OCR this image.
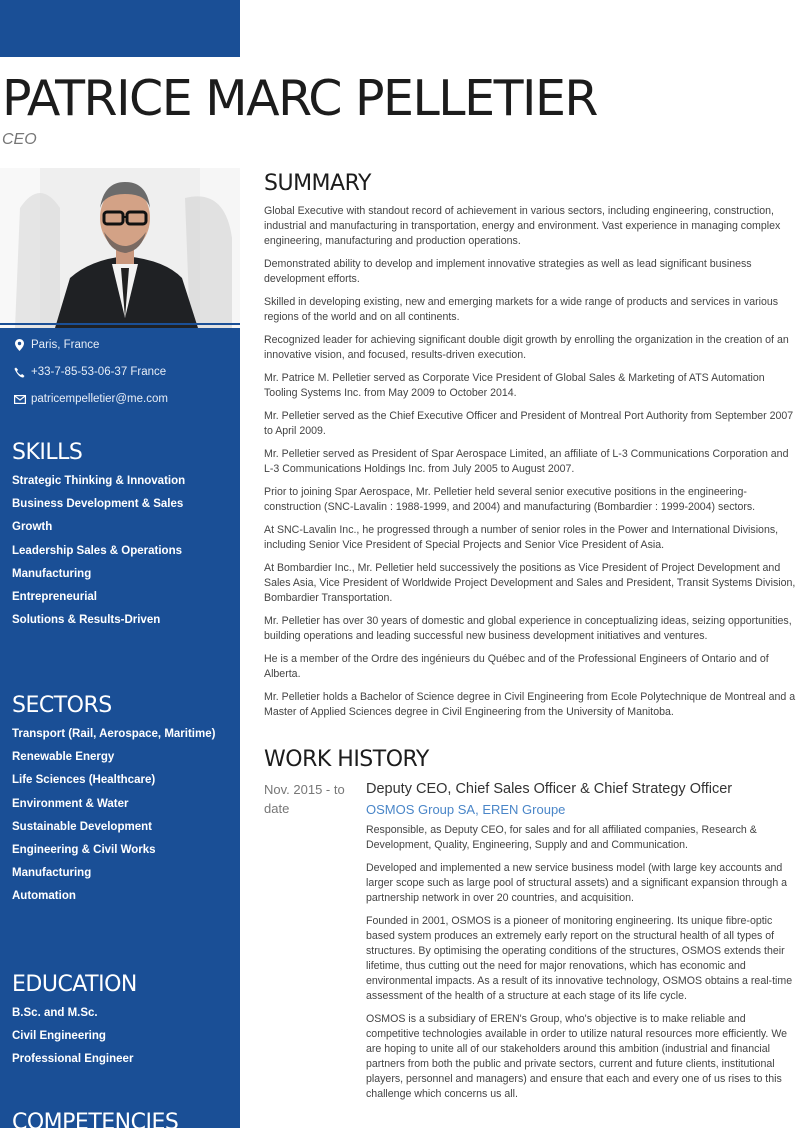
PATRICE MARC PELLETIER
CEO
Paris, France
+33-7-85-53-06-37 France
patricempelletier@me.com
SKILLS
Strategic Thinking & Innovation
Business Development & Sales
Growth
Leadership Sales & Operations
Manufacturing
Entrepreneurial
Solutions & Results-Driven
SECTORS
Transport (Rail, Aerospace, Maritime)
Renewable Energy
Life Sciences (Healthcare)
Environment & Water
Sustainable Development
Engineering & Civil Works
Manufacturing
Automation
EDUCATION
B.Sc. and M.Sc.
Civil Engineering
Professional Engineer
COMPETENCIES
SUMMARY

Global Executive with standout record of achievement in various sectors, including engineering, construction, industrial and manufacturing in transportation, energy and environment. Vast experience in managing complex engineering, manufacturing and production operations.

Demonstrated ability to develop and implement innovative strategies as well as lead significant business development efforts.

Skilled in developing existing, new and emerging markets for a wide range of products and services in various regions of the world and on all continents.

Recognized leader for achieving significant double digit growth by enrolling the organization in the creation of an innovative vision, and focused, results-driven execution.

Mr. Patrice M. Pelletier served as Corporate Vice President of Global Sales & Marketing of ATS Automation Tooling Systems Inc. from May 2009 to October 2014.

Mr. Pelletier served as the Chief Executive Officer and President of Montreal Port Authority from September 2007 to April 2009.

Mr. Pelletier served as President of Spar Aerospace Limited, an affiliate of L-3 Communications Corporation and L-3 Communications Holdings Inc. from July 2005 to August 2007.

Prior to joining Spar Aerospace, Mr. Pelletier held several senior executive positions in the engineering-construction (SNC-Lavalin : 1988-1999, and 2004) and manufacturing (Bombardier : 1999-2004) sectors.

At SNC-Lavalin Inc., he progressed through a number of senior roles in the Power and International Divisions, including Senior Vice President of Special Projects and Senior Vice President of Asia.

At Bombardier Inc., Mr. Pelletier held successively the positions as Vice President of Project Development and Sales Asia, Vice President of Worldwide Project Development and Sales and President, Transit Systems Division, Bombardier Transportation.

Mr. Pelletier has over 30 years of domestic and global experience in conceptualizing ideas, seizing opportunities, building operations and leading successful new business development initiatives and ventures.

He is a member of the Ordre des ingénieurs du Québec and of the Professional Engineers of Ontario and of Alberta.

Mr. Pelletier holds a Bachelor of Science degree in Civil Engineering from Ecole Polytechnique de Montreal and a Master of Applied Sciences degree in Civil Engineering from the University of Manitoba.

WORK HISTORY
Nov. 2015 - to date
Deputy CEO, Chief Sales Officer & Chief Strategy Officer
OSMOS Group SA, EREN Groupe

Responsible, as Deputy CEO, for sales and for all affiliated companies, Research & Development, Quality, Engineering, Supply and and Communication.

Developed and implemented a new service business model (with large key accounts and larger scope such as large pool of structural assets) and a significant expansion through a partnership network in over 20 countries, and acquisition.

Founded in 2001, OSMOS is a pioneer of monitoring engineering. Its unique fibre-optic based system produces an extremely early report on the structural health of all types of structures. By optimising the operating conditions of the structures, OSMOS extends their lifetime, thus cutting out the need for major renovations, which has economic and environmental impacts. As a result of its innovative technology, OSMOS obtains a real-time assessment of the health of a structure at each stage of its life cycle.

OSMOS is a subsidiary of EREN's Group, who's objective is to make reliable and competitive technologies available in order to utilize natural resources more efficiently. We are hoping to unite all of our stakeholders around this ambition (industrial and financial partners from both the public and private sectors, current and future clients, institutional players, personnel and managers) and ensure that each and every one of us rises to this challenge which concerns us all.
